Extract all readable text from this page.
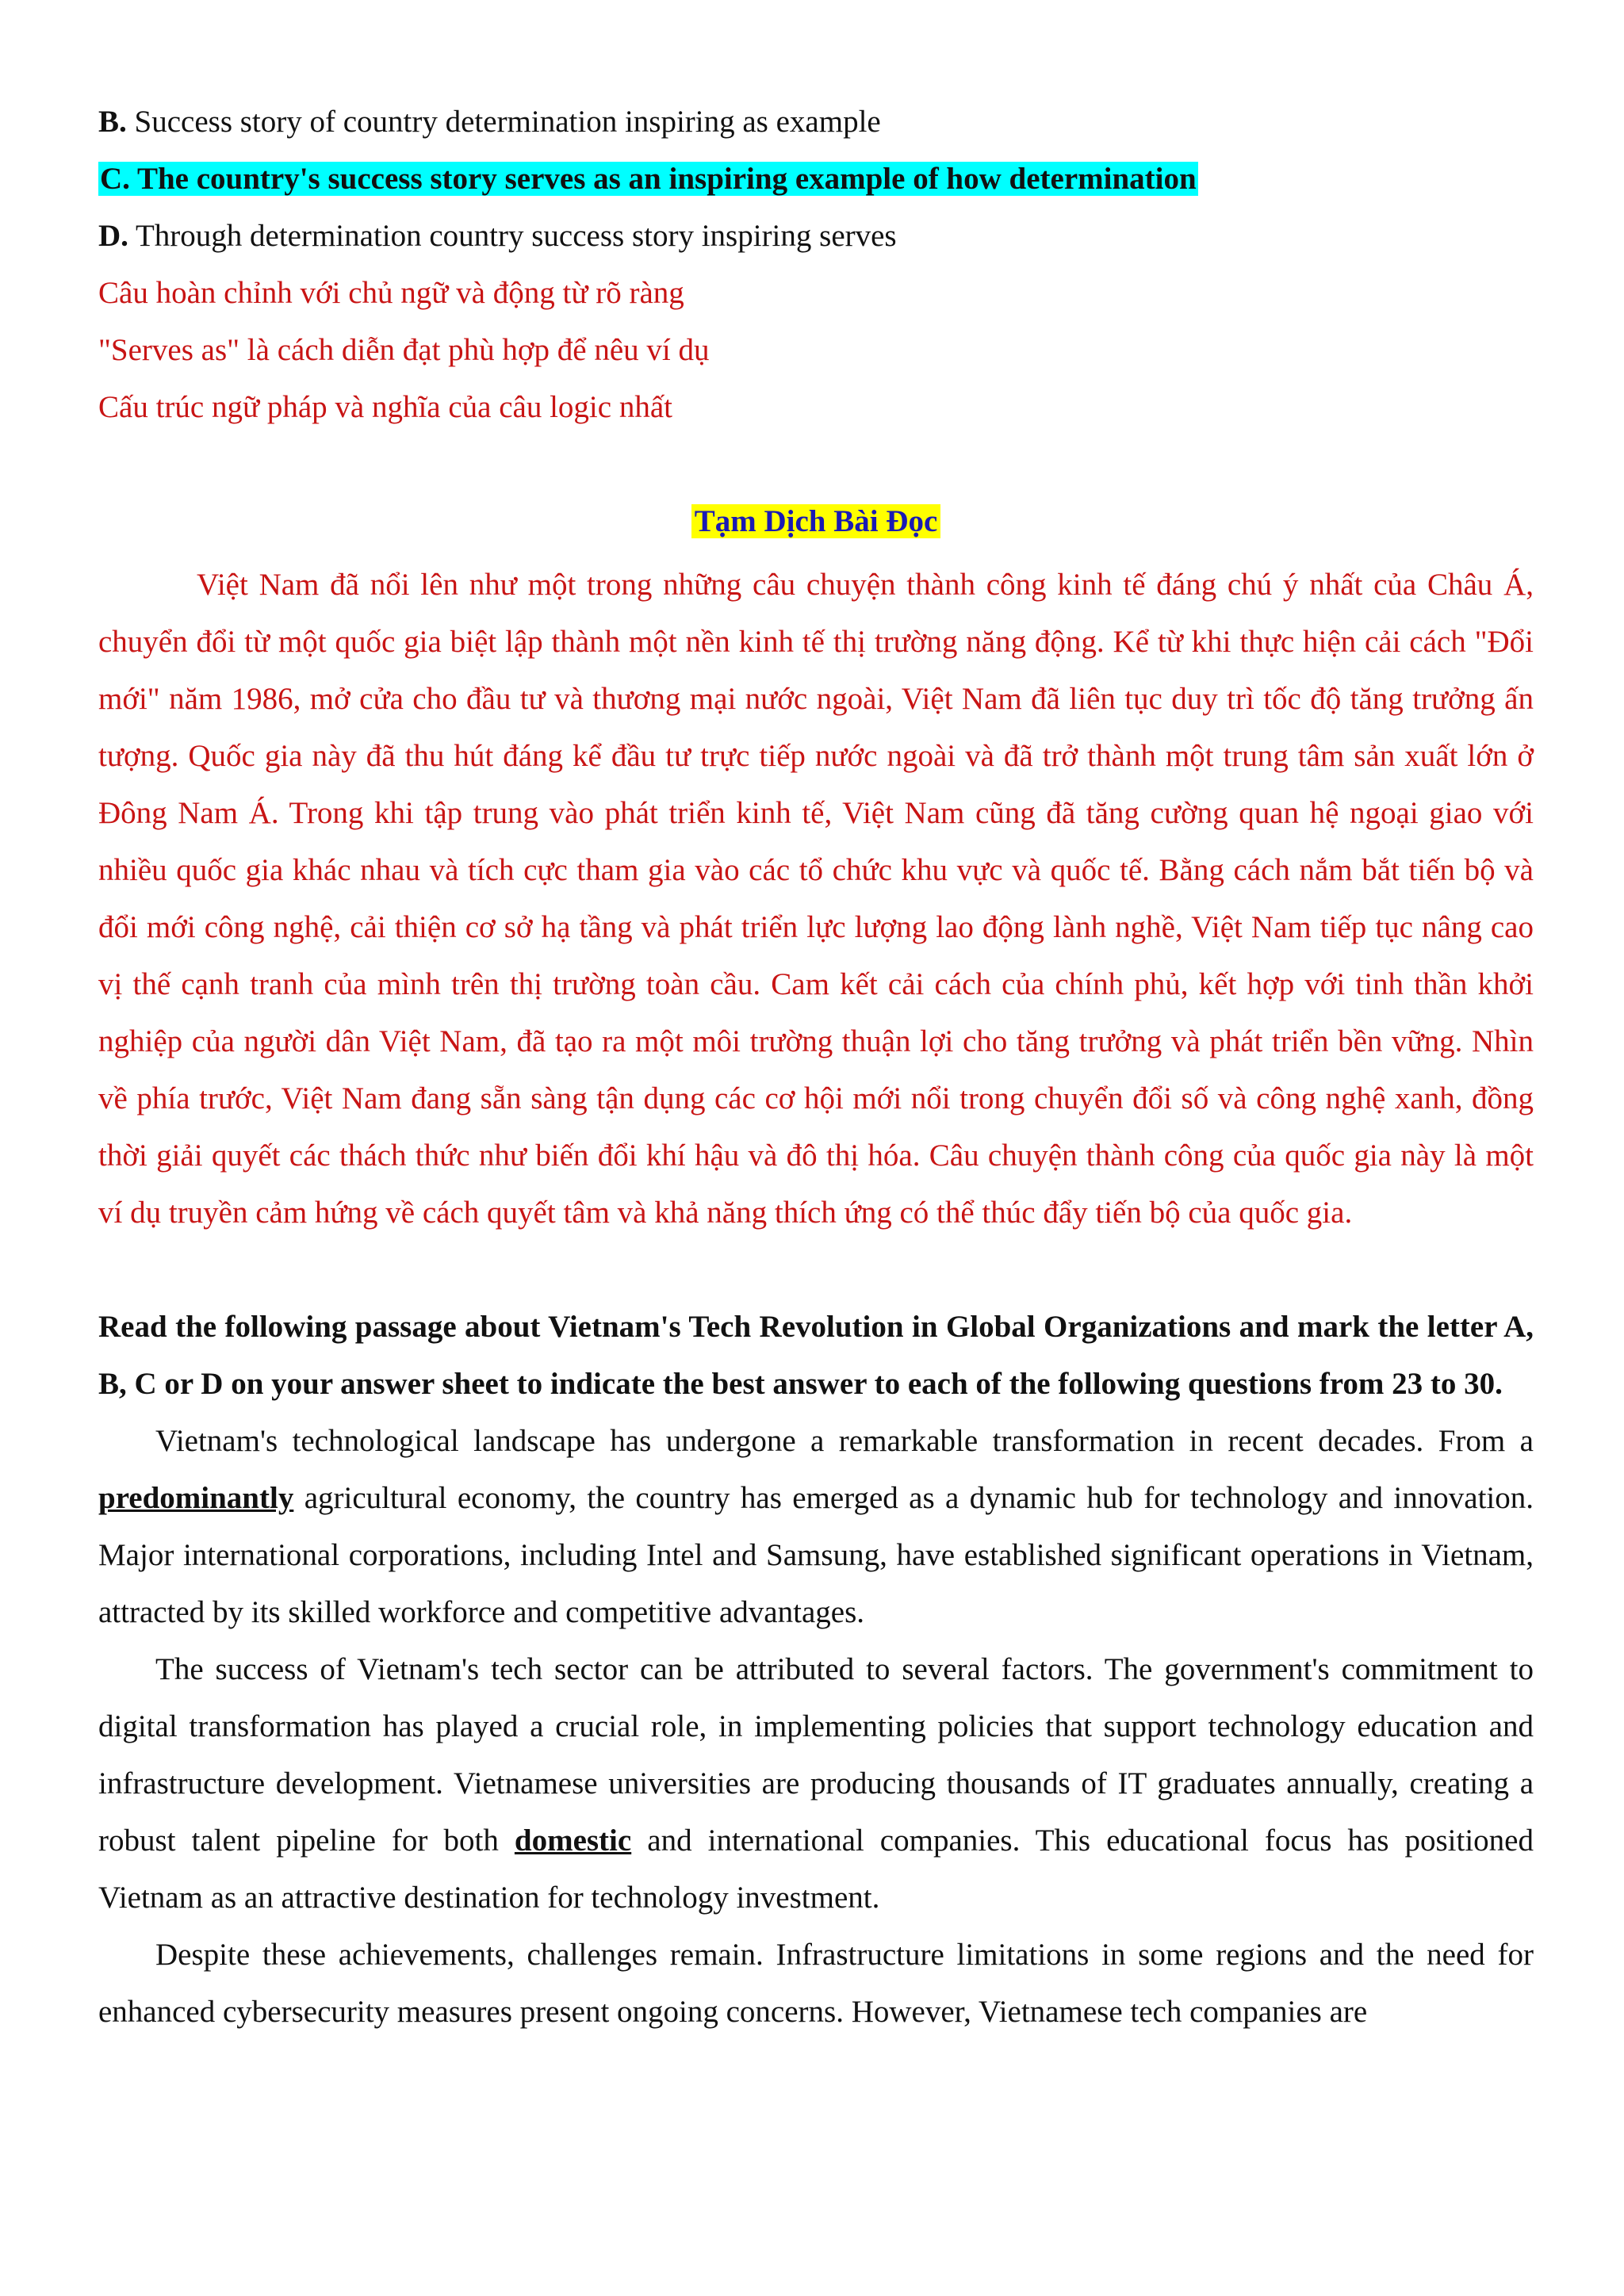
B. Success story of country determination inspiring as example
C. The country's success story serves as an inspiring example of how determination
D. Through determination country success story inspiring serves
Câu hoàn chỉnh với chủ ngữ và động từ rõ ràng
"Serves as" là cách diễn đạt phù hợp để nêu ví dụ
Cấu trúc ngữ pháp và nghĩa của câu logic nhất
Tạm Dịch Bài Đọc
Việt Nam đã nổi lên như một trong những câu chuyện thành công kinh tế đáng chú ý nhất của Châu Á, chuyển đổi từ một quốc gia biệt lập thành một nền kinh tế thị trường năng động. Kể từ khi thực hiện cải cách "Đổi mới" năm 1986, mở cửa cho đầu tư và thương mại nước ngoài, Việt Nam đã liên tục duy trì tốc độ tăng trưởng ấn tượng. Quốc gia này đã thu hút đáng kể đầu tư trực tiếp nước ngoài và đã trở thành một trung tâm sản xuất lớn ở Đông Nam Á. Trong khi tập trung vào phát triển kinh tế, Việt Nam cũng đã tăng cường quan hệ ngoại giao với nhiều quốc gia khác nhau và tích cực tham gia vào các tổ chức khu vực và quốc tế. Bằng cách nắm bắt tiến bộ và đổi mới công nghệ, cải thiện cơ sở hạ tầng và phát triển lực lượng lao động lành nghề, Việt Nam tiếp tục nâng cao vị thế cạnh tranh của mình trên thị trường toàn cầu. Cam kết cải cách của chính phủ, kết hợp với tinh thần khởi nghiệp của người dân Việt Nam, đã tạo ra một môi trường thuận lợi cho tăng trưởng và phát triển bền vững. Nhìn về phía trước, Việt Nam đang sẵn sàng tận dụng các cơ hội mới nổi trong chuyển đổi số và công nghệ xanh, đồng thời giải quyết các thách thức như biến đổi khí hậu và đô thị hóa. Câu chuyện thành công của quốc gia này là một ví dụ truyền cảm hứng về cách quyết tâm và khả năng thích ứng có thể thúc đẩy tiến bộ của quốc gia.
Read the following passage about Vietnam's Tech Revolution in Global Organizations and mark the letter A, B, C or D on your answer sheet to indicate the best answer to each of the following questions from 23 to 30.
Vietnam's technological landscape has undergone a remarkable transformation in recent decades. From a predominantly agricultural economy, the country has emerged as a dynamic hub for technology and innovation. Major international corporations, including Intel and Samsung, have established significant operations in Vietnam, attracted by its skilled workforce and competitive advantages.
The success of Vietnam's tech sector can be attributed to several factors. The government's commitment to digital transformation has played a crucial role, in implementing policies that support technology education and infrastructure development. Vietnamese universities are producing thousands of IT graduates annually, creating a robust talent pipeline for both domestic and international companies. This educational focus has positioned Vietnam as an attractive destination for technology investment.
Despite these achievements, challenges remain. Infrastructure limitations in some regions and the need for enhanced cybersecurity measures present ongoing concerns. However, Vietnamese tech companies are
